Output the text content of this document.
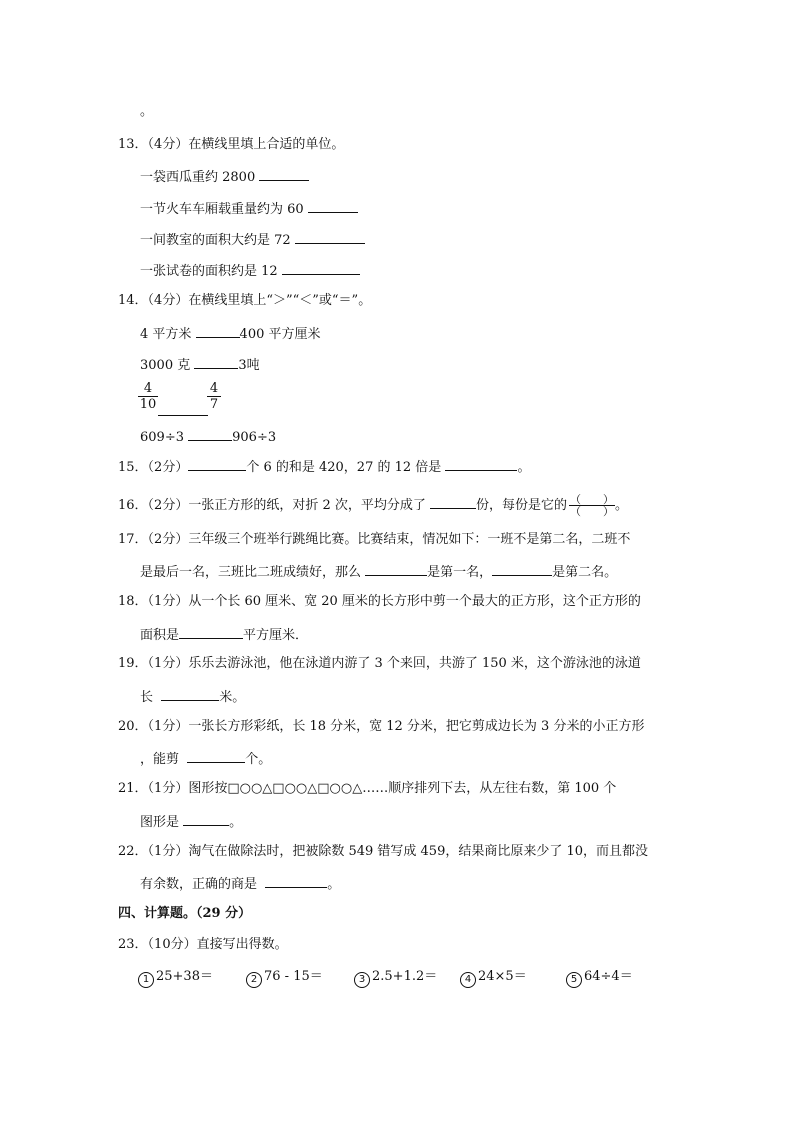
。
13．（4分）在横线里填上合适的单位。
一袋西瓜重约 2800
一节火车车厢载重量约为 60
一间教室的面积大约是 72
一张试卷的面积约是 12
14．（4分）在横线里填上“＞”“＜”或“＝”。
4 平方米	400 平方厘米
3000 克	3吨
4
10
4
7
609÷3	906÷3
15．（2分）	个 6 的和是 420，27 的 12 倍是	。
16．（2分）一张正方形的纸，对折 2 次，平均分成了	份，每份是它的 （　　）
（　　） 。
17．（2分）三年级三个班举行跳绳比赛。比赛结束，情况如下：一班不是第二名，二班不
是最后一名，三班比二班成绩好，那么	是第一名，	是第二名。
18．（1分）从一个长 60 厘米、宽 20 厘米的长方形中剪一个最大的正方形，这个正方形的
面积是	平方厘米．
19．（1分）乐乐去游泳池，他在泳道内游了 3 个来回，共游了 150 米，这个游泳池的泳道
长	米。
20．（1分）一张长方形彩纸，长 18 分米，宽 12 分米，把它剪成边长为 3 分米的小正方形
，能剪	个。
21．（1分）图形按□○○△□○○△□○○△……顺序排列下去，从左往右数，第 100 个
图形是	。
22．（1分）淘气在做除法时，把被除数 549 错写成 459，结果商比原来少了 10，而且都没
有余数，正确的商是	。
四、计算题。（29 分）
23．（10分）直接写出得数。
1 25+38＝	2 76 - 15＝	3 2.5+1.2＝	4 24×5＝	5 64÷4＝
